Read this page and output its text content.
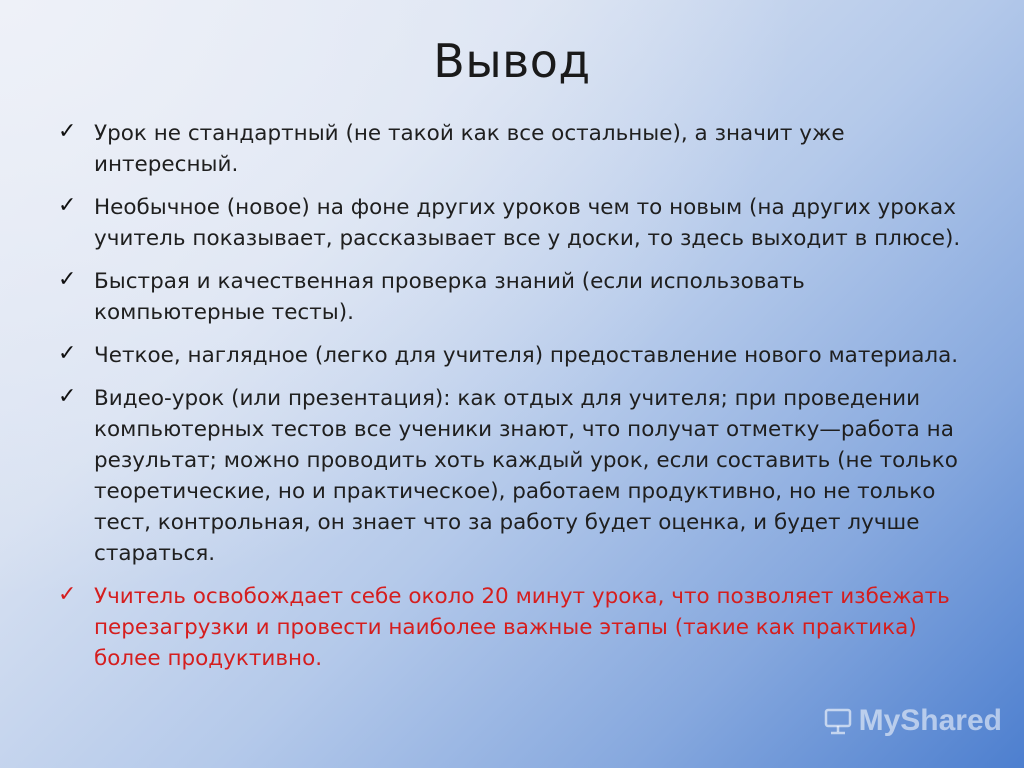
Вывод
✓ Урок не стандартный (не такой как все остальные), а значит уже интересный.
✓ Необычное (новое) на фоне других уроков чем то новым (на других уроках учитель показывает, рассказывает все у доски, то здесь выходит в плюсе).
✓ Быстрая и качественная проверка знаний (если использовать компьютерные тесты).
✓ Четкое, наглядное (легко для учителя) предоставление нового материала.
✓ Видео-урок (или презентация): как отдых для учителя; при проведении компьютерных тестов все ученики знают, что получат отметку—работа на результат; можно проводить хоть каждый урок, если составить (не только теоретические, но и практическое), работаем продуктивно, но не только тест, контрольная, он знает что за работу будет оценка, и будет лучше стараться.
✓ Учитель освобождает себе около 20 минут урока, что позволяет избежать перезагрузки и провести наиболее важные этапы (такие как практика) более продуктивно.
MyShared
